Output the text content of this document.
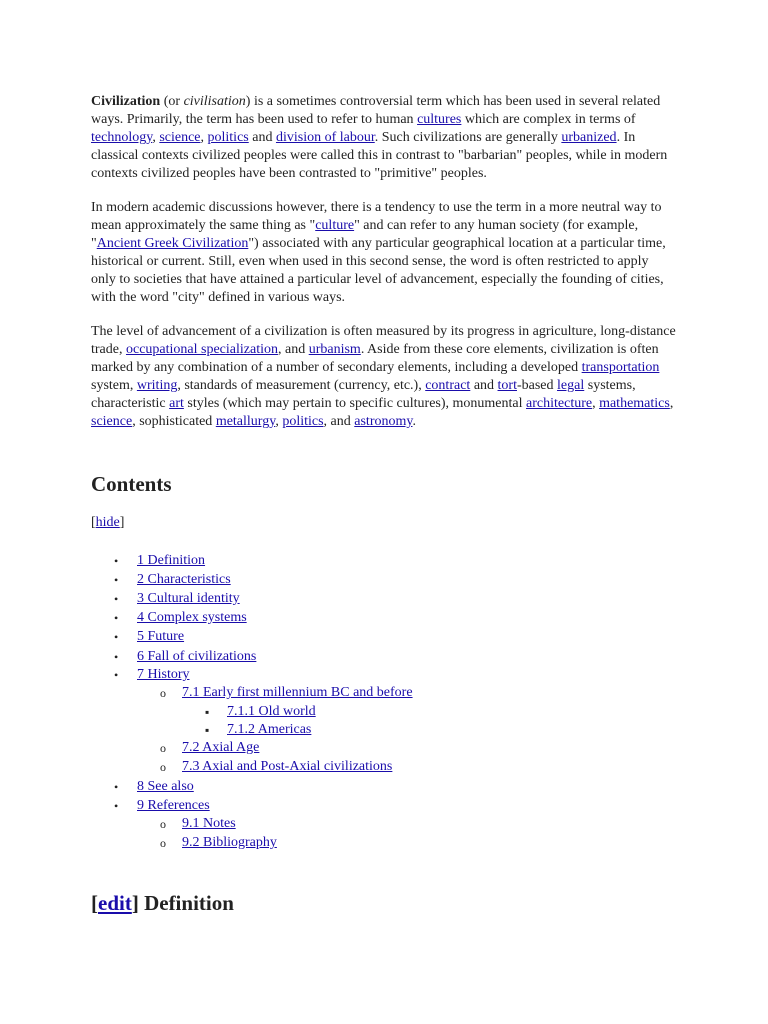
Civilization (or civilisation) is a sometimes controversial term which has been used in several related ways. Primarily, the term has been used to refer to human cultures which are complex in terms of technology, science, politics and division of labour. Such civilizations are generally urbanized. In classical contexts civilized peoples were called this in contrast to "barbarian" peoples, while in modern contexts civilized peoples have been contrasted to "primitive" peoples.

In modern academic discussions however, there is a tendency to use the term in a more neutral way to mean approximately the same thing as "culture" and can refer to any human society (for example, "Ancient Greek Civilization") associated with any particular geographical location at a particular time, historical or current. Still, even when used in this second sense, the word is often restricted to apply only to societies that have attained a particular level of advancement, especially the founding of cities, with the word "city" defined in various ways.

The level of advancement of a civilization is often measured by its progress in agriculture, long-distance trade, occupational specialization, and urbanism. Aside from these core elements, civilization is often marked by any combination of a number of secondary elements, including a developed transportation system, writing, standards of measurement (currency, etc.), contract and tort-based legal systems, characteristic art styles (which may pertain to specific cultures), monumental architecture, mathematics, science, sophisticated metallurgy, politics, and astronomy.

Contents
[hide]
• 1 Definition
• 2 Characteristics
• 3 Cultural identity
• 4 Complex systems
• 5 Future
• 6 Fall of civilizations
• 7 History
o 7.1 Early first millennium BC and before
▪ 7.1.1 Old world
▪ 7.1.2 Americas
o 7.2 Axial Age
o 7.3 Axial and Post-Axial civilizations
• 8 See also
• 9 References
o 9.1 Notes
o 9.2 Bibliography
[edit] Definition
